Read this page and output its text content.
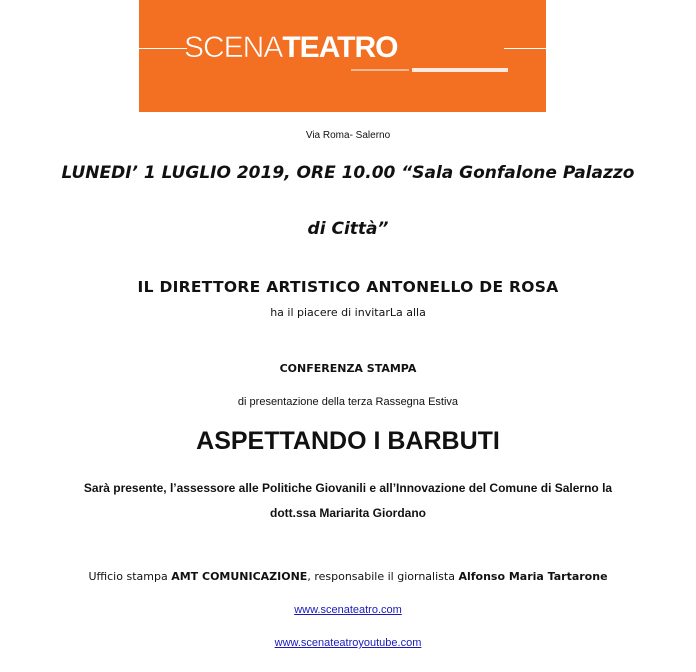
SCENATEATRO
Via Roma- Salerno
LUNEDI’ 1 LUGLIO 2019, ORE 10.00 “Sala Gonfalone Palazzo
di Città”
IL DIRETTORE ARTISTICO ANTONELLO DE ROSA
ha il piacere di invitarLa alla
CONFERENZA STAMPA
di presentazione della terza Rassegna Estiva
ASPETTANDO I BARBUTI
Sarà presente, l’assessore alle Politiche Giovanili e all’Innovazione del Comune di Salerno la
dott.ssa Mariarita Giordano
Ufficio stampa AMT COMUNICAZIONE, responsabile il giornalista Alfonso Maria Tartarone
www.scenateatro.com
www.scenateatroyoutube.com
